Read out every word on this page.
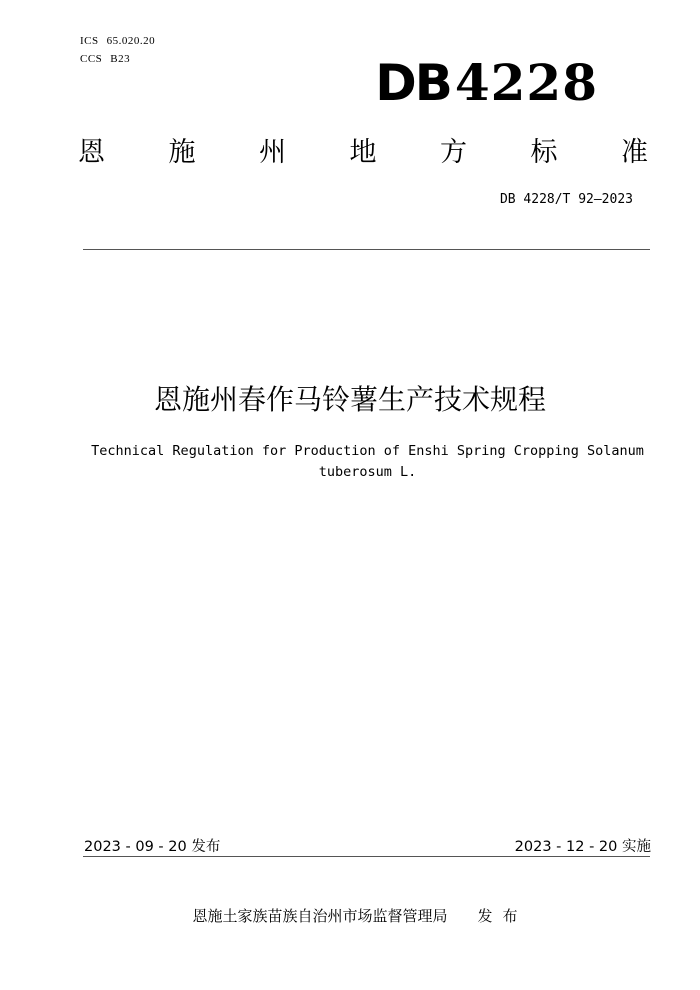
ICS 65.020.20
CCS B23	DB4228
恩 施 州 地 方 标 准
DB 4228/T 92—2023
恩施州春作马铃薯生产技术规程
Technical Regulation for Production of Enshi Spring Cropping Solanum tuberosum L.
2023 - 09 - 20 发布	2023 - 12 - 20 实施
恩施土家族苗族自治州市场监督管理局 发布
